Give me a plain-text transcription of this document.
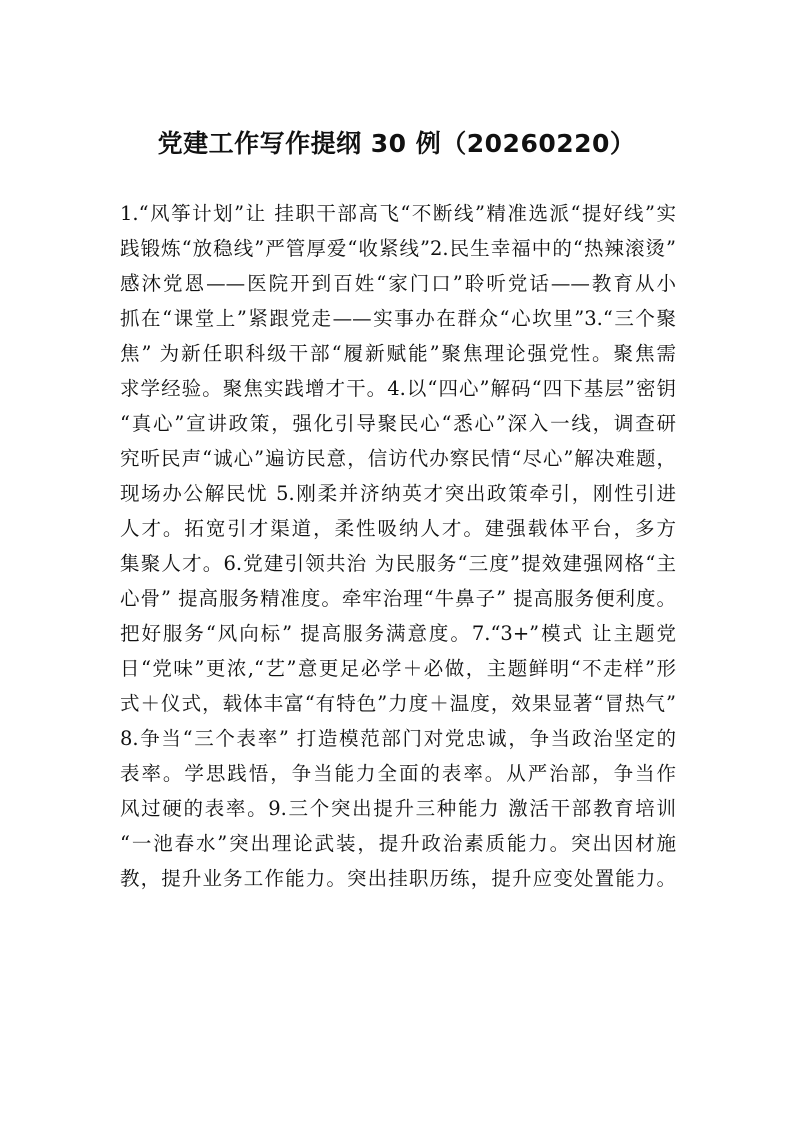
党建工作写作提纲 30 例（20260220）
1.“风筝计划”让 挂职干部高飞“不断线”精准选派“提好线”实
践锻炼“放稳线”严管厚爱“收紧线”2.民生幸福中的“热辣滚烫”
感沐党恩——医院开到百姓“家门口”聆听党话——教育从小
抓在“课堂上”紧跟党走——实事办在群众“心坎里”3.“三个聚
焦” 为新任职科级干部“履新赋能”聚焦理论强党性。聚焦需
求学经验。聚焦实践增才干。4.以“四心”解码“四下基层”密钥
“真心”宣讲政策，强化引导聚民心“悉心”深入一线，调查研
究听民声“诚心”遍访民意，信访代办察民情“尽心”解决难题，
现场办公解民忧 5.刚柔并济纳英才突出政策牵引，刚性引进
人才。拓宽引才渠道，柔性吸纳人才。建强载体平台，多方
集聚人才。6.党建引领共治 为民服务“三度”提效建强网格“主
心骨” 提高服务精准度。牵牢治理“牛鼻子” 提高服务便利度。
把好服务“风向标” 提高服务满意度。7.“3+”模式 让主题党
日“党味”更浓,“艺”意更足必学＋必做，主题鲜明“不走样”形
式＋仪式，载体丰富“有特色”力度＋温度，效果显著“冒热气”
8.争当“三个表率” 打造模范部门对党忠诚，争当政治坚定的
表率。学思践悟，争当能力全面的表率。从严治部，争当作
风过硬的表率。9.三个突出提升三种能力 激活干部教育培训
“一池春水”突出理论武装，提升政治素质能力。突出因材施
教，提升业务工作能力。突出挂职历练，提升应变处置能力。
